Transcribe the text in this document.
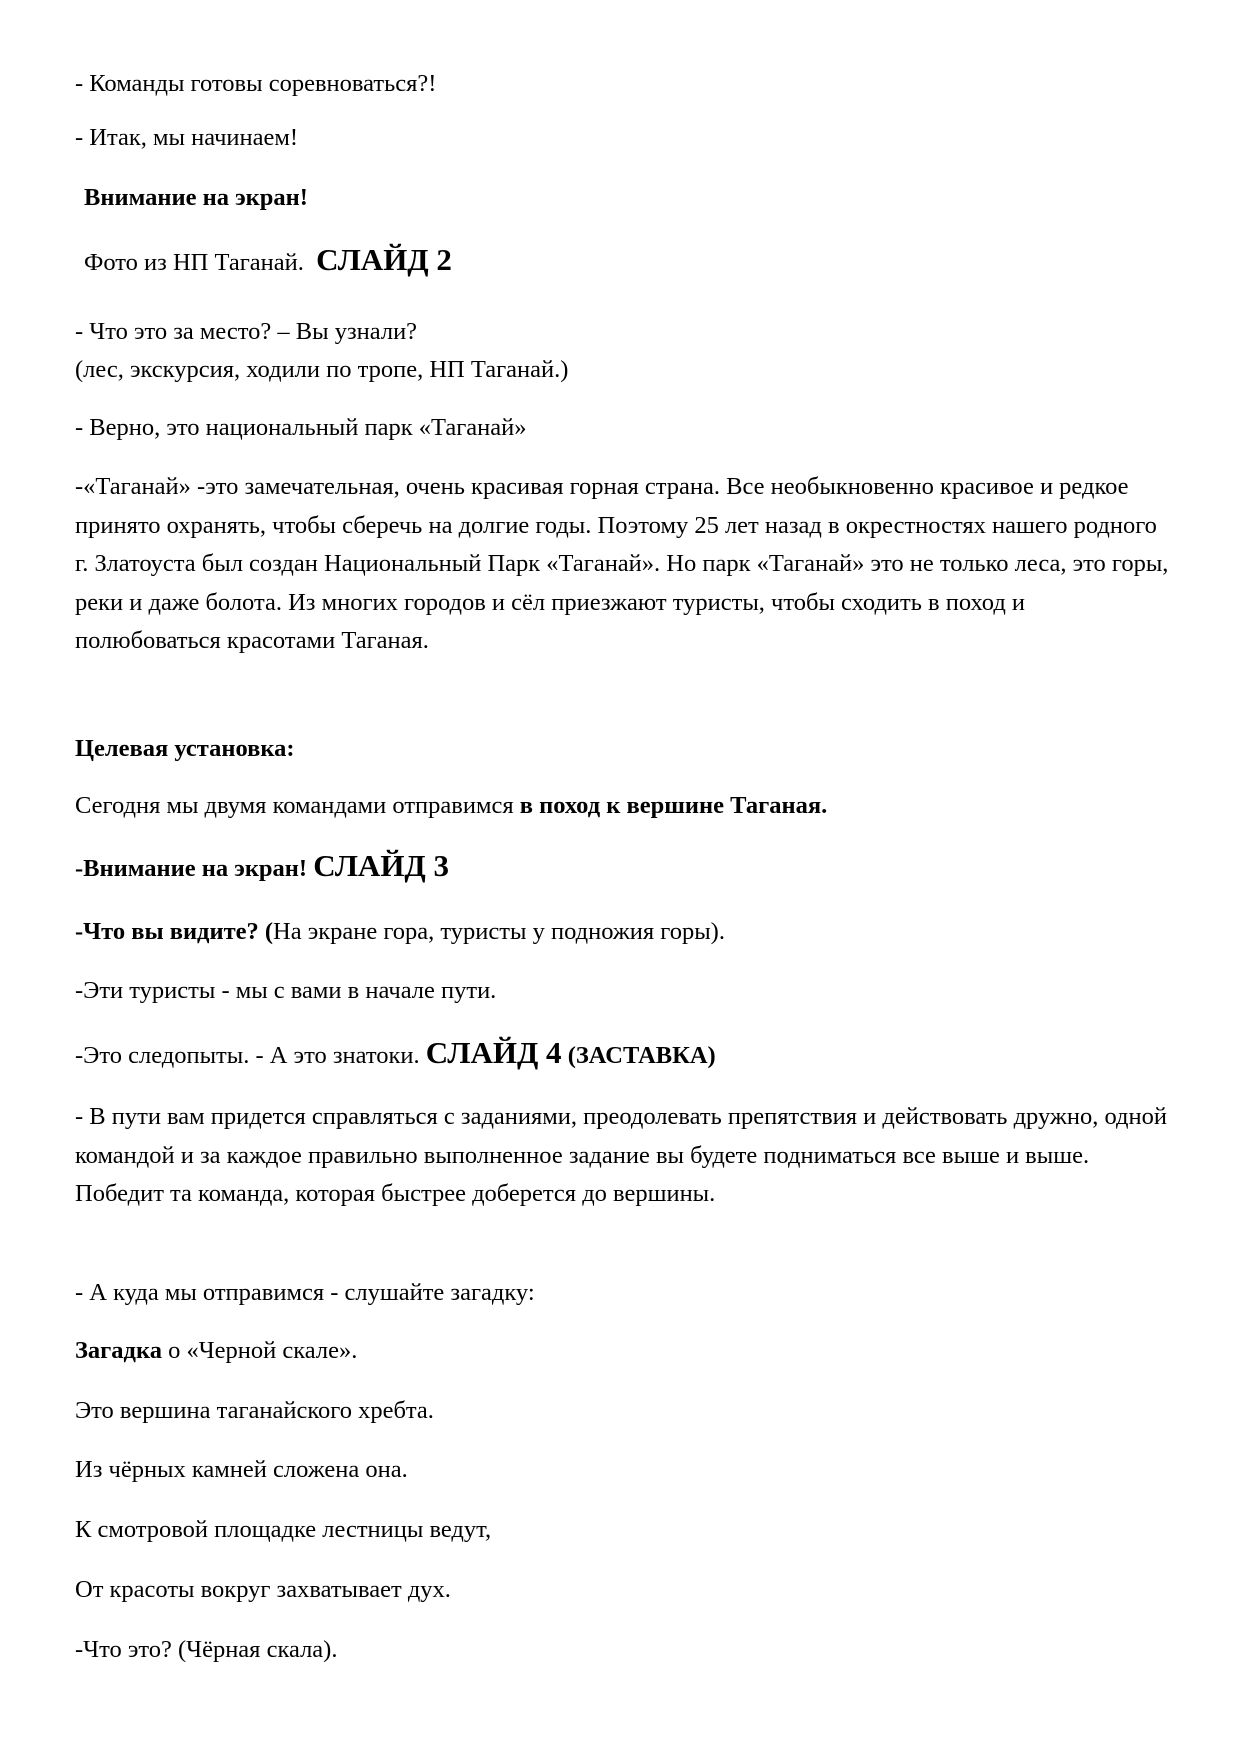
- Команды готовы соревноваться?!

- Итак, мы начинаем!

Внимание на экран!

Фото из НП Таганай. СЛАЙД 2

- Что это за место? – Вы узнали?

(лес, экскурсия, ходили по тропе, НП Таганай.)

- Верно, это национальный парк «Таганай»

-«Таганай» -это замечательная, очень красивая горная страна. Все необыкновенно красивое и редкое принято охранять, чтобы сберечь на долгие годы. Поэтому 25 лет назад в окрестностях нашего родного г. Златоуста был создан Национальный Парк «Таганай». Но парк «Таганай» это не только леса, это горы, реки и даже болота. Из многих городов и сёл приезжают туристы, чтобы сходить в поход и полюбоваться красотами Таганая.

Целевая установка:

Сегодня мы двумя командами отправимся в поход к вершине Таганая.

-Внимание на экран! СЛАЙД 3

-Что вы видите? (На экране гора, туристы у подножия горы).

-Эти туристы - мы с вами в начале пути.

-Это следопыты. - А это знатоки. СЛАЙД 4 (ЗАСТАВКА)

- В пути вам придется справляться с заданиями, преодолевать препятствия и действовать дружно, одной командой и за каждое правильно выполненное задание вы будете подниматься все выше и выше. Победит та команда, которая быстрее доберется до вершины.

- А куда мы отправимся - слушайте загадку:

Загадка о «Черной скале».

Это вершина таганайского хребта.

Из чёрных камней сложена она.

К смотровой площадке лестницы ведут,

От красоты вокруг захватывает дух.

-Что это? (Чёрная скала).
